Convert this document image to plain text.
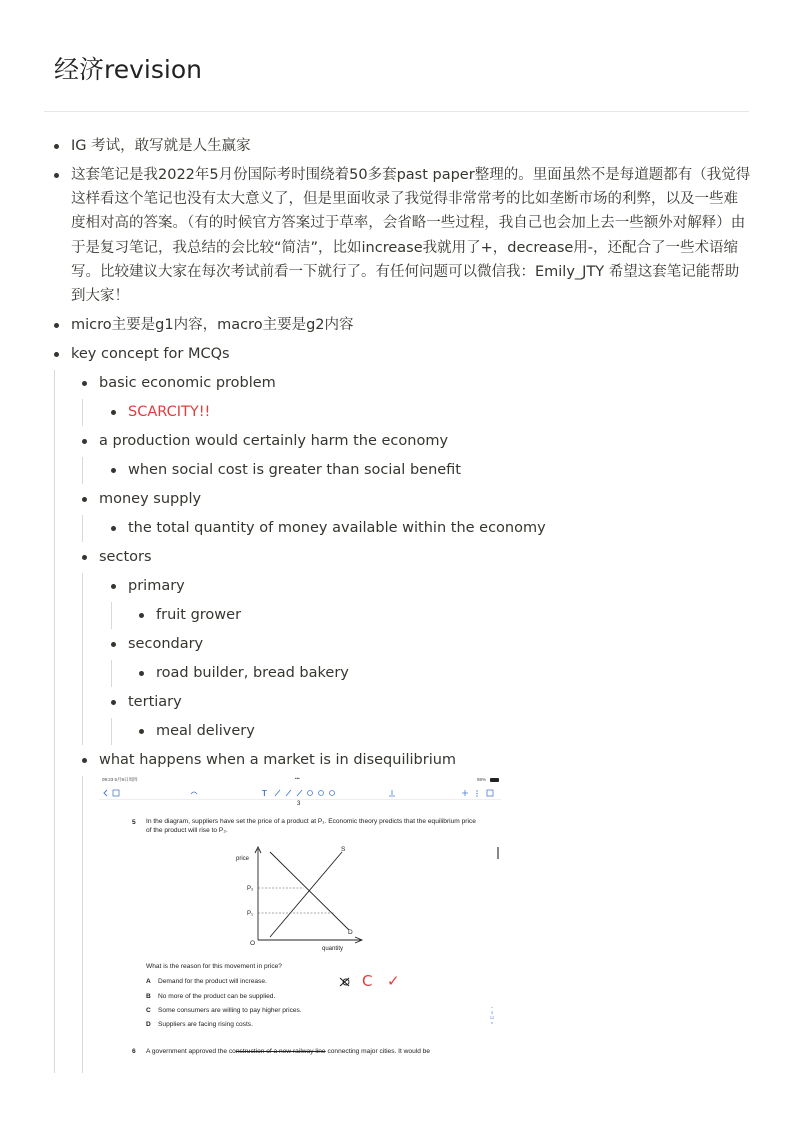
经济revision
IG 考试，敢写就是人生赢家
这套笔记是我2022年5月份国际考时围绕着50多套past paper整理的。里面虽然不是每道题都有（我觉得这样看这个笔记也没有太大意义了，但是里面收录了我觉得非常常考的比如垄断市场的利弊，以及一些难度相对高的答案。（有的时候官方答案过于草率，会省略一些过程，我自己也会加上去一些额外对解释）由于是复习笔记，我总结的会比较“简洁”，比如increase我就用了+，decrease用-，还配合了一些术语缩写。比较建议大家在每次考试前看一下就行了。有任何问题可以微信我：Emily_JTY 希望这套笔记能帮助到大家！
micro主要是g1内容，macro主要是g2内容
key concept for MCQs
basic economic problem
SCARCITY!!
a production would certainly harm the economy
when social cost is greater than social benefit
money supply
the total quantity of money available within the economy
sectors
primary
fruit grower
secondary
road builder, bread bakery
tertiary
meal delivery
what happens when a market is in disequilibrium
09:23 5月9日周四	•••	98%
T
3
5 In the diagram, suppliers have set the price of a product at P₁. Economic theory predicts that the equilibrium price of the product will rise to P₂.
price
quantity
O
S
D
P₂
P₁
What is the reason for this movement in price?
A Demand for the product will increase.
B No more of the product can be supplied.
C Some consumers are willing to pay higher prices.
D Suppliers are facing rising costs.
C ✓
^
3
12
v
6 A government approved the construction of a new railway line connecting major cities. It would be
